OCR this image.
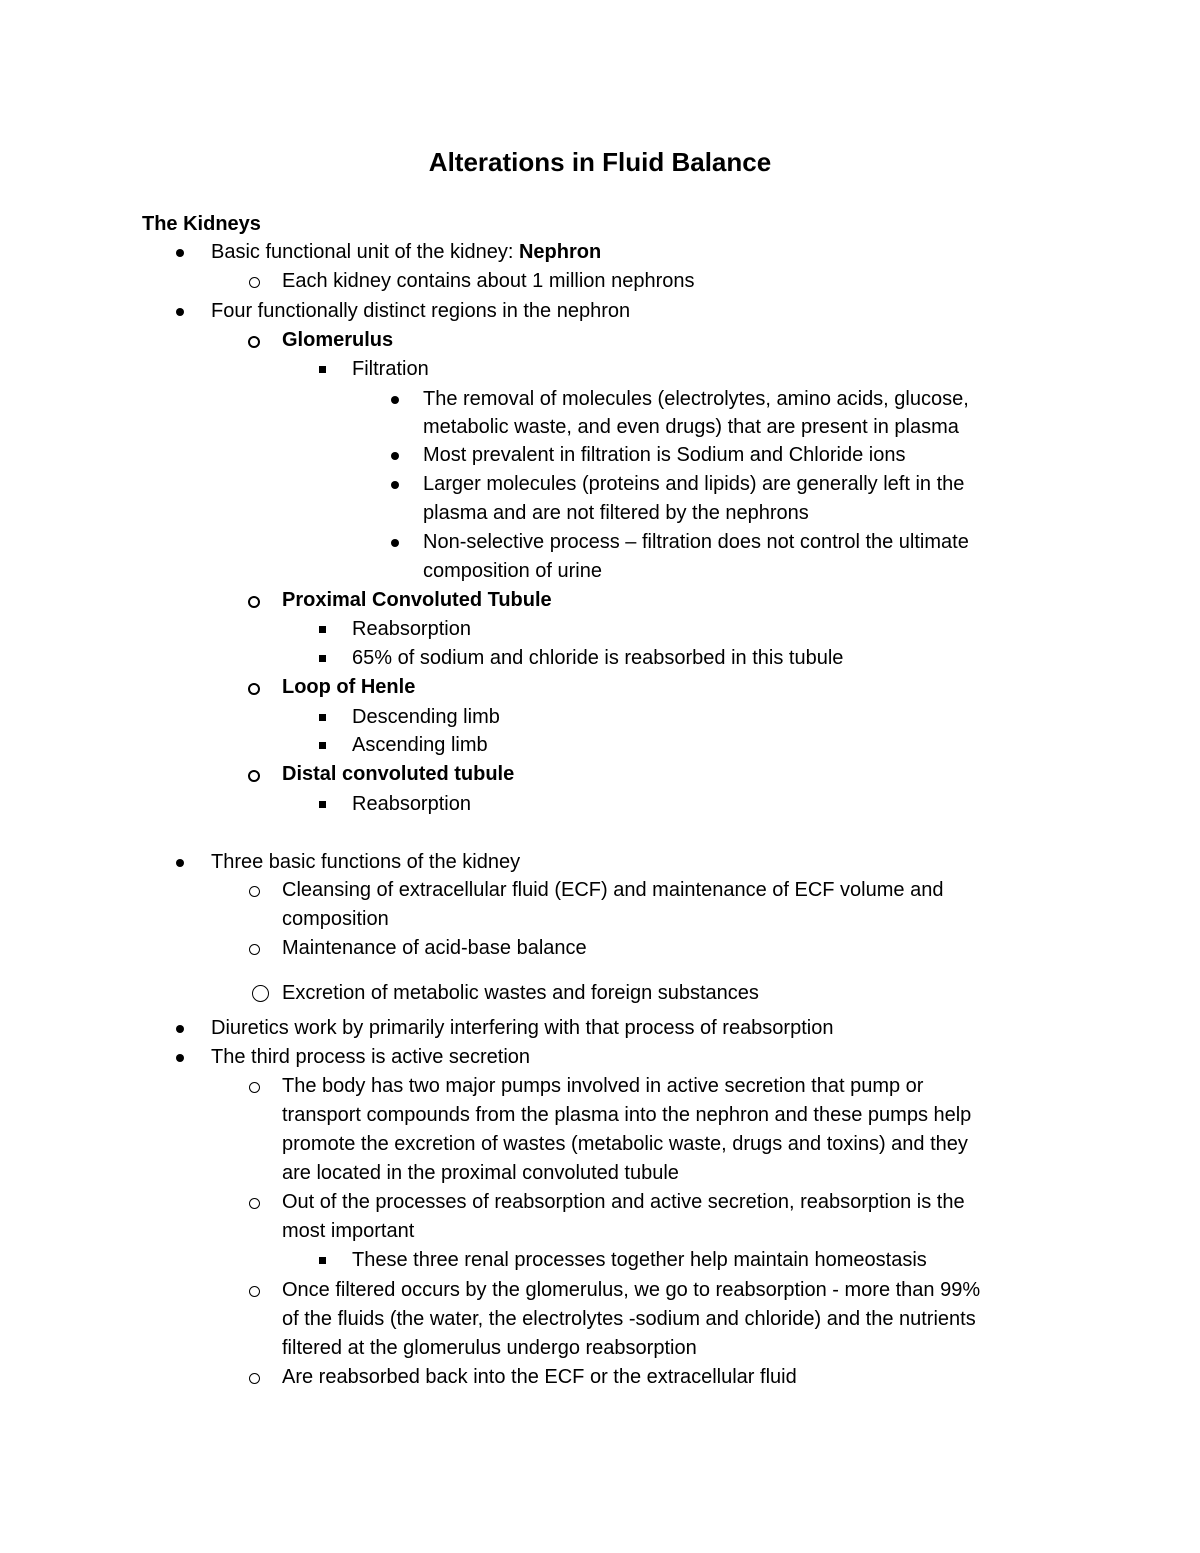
Alterations in Fluid Balance
The Kidneys
Basic functional unit of the kidney: Nephron
Each kidney contains about 1 million nephrons
Four functionally distinct regions in the nephron
Glomerulus
Filtration
The removal of molecules (electrolytes, amino acids, glucose,
metabolic waste, and even drugs) that are present in plasma
Most prevalent in filtration is Sodium and Chloride ions
Larger molecules (proteins and lipids) are generally left in the
plasma and are not filtered by the nephrons
Non-selective process – filtration does not control the ultimate
composition of urine
Proximal Convoluted Tubule
Reabsorption
65% of sodium and chloride is reabsorbed in this tubule
Loop of Henle
Descending limb
Ascending limb
Distal convoluted tubule
Reabsorption
Three basic functions of the kidney
Cleansing of extracellular fluid (ECF) and maintenance of ECF volume and
composition
Maintenance of acid-base balance
Excretion of metabolic wastes and foreign substances
Diuretics work by primarily interfering with that process of reabsorption
The third process is active secretion
The body has two major pumps involved in active secretion that pump or
transport compounds from the plasma into the nephron and these pumps help
promote the excretion of wastes (metabolic waste, drugs and toxins) and they
are located in the proximal convoluted tubule
Out of the processes of reabsorption and active secretion, reabsorption is the
most important
These three renal processes together help maintain homeostasis
Once filtered occurs by the glomerulus, we go to reabsorption - more than 99%
of the fluids (the water, the electrolytes -sodium and chloride) and the nutrients
filtered at the glomerulus undergo reabsorption
Are reabsorbed back into the ECF or the extracellular fluid
